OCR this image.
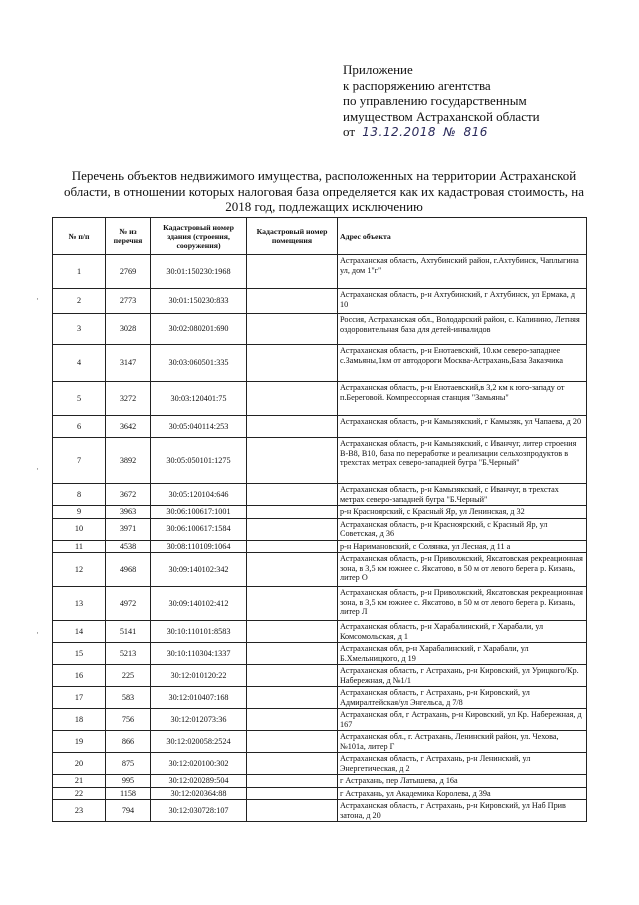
Приложение
к распоряжению агентства
по управлению государственным
имуществом Астраханской области
от 13.12.2018 № 816
Перечень объектов недвижимого имущества, расположенных на территории Астраханской
области, в отношении которых налоговая база определяется как их кадастровая стоимость, на
2018 год, подлежащих исключению
№ п/п	№ из перечня	Кадастровый номер здания (строения, сооружения)	Кадастровый номер помещения	Адрес объекта
1	2769	30:01:150230:1968		Астраханская область, Ахтубинский район, г.Ахтубинск, Чаплыгина ул, дом 1"г"
2	2773	30:01:150230:833		Астраханская область, р-н Ахтубинский, г Ахтубинск, ул Ермака, д 10
3	3028	30:02:080201:690		Россия, Астраханская обл., Володарский район, с. Калинино, Летняя оздоровительная база для детей-инвалидов
4	3147	30:03:060501:335		Астраханская область, р-н Енотаевский, 10.км северо-западнее с.Замьяны,1км от автодороги Москва-Астрахань,База Заказчика
5	3272	30:03:120401:75		Астраханская область, р-н Енотаевский,в 3,2 км к юго-западу от п.Береговой. Компрессорная станция "Замьяны"
6	3642	30:05:040114:253		Астраханская область, р-н Камызякский, г Камызяк, ул Чапаева, д 20
7	3892	30:05:050101:1275		Астраханская область, р-н Камызякский, с Иванчуг, литер строения В-В8, В10, база по переработке и реализации сельхозпродуктов в трехстах метрах северо-западней бугра "Б.Черный"
8	3672	30:05:120104:646		Астраханская область, р-н Камызякский, с Иванчуг, в трехстах метрах северо-западней бугра "Б.Черный"
9	3963	30:06:100617:1001		р-н Красноярский, с Красный Яр, ул Ленинская, д 32
10	3971	30:06:100617:1584		Астраханская область, р-н Красноярский, с Красный Яр, ул Советская, д 36
11	4538	30:08:110109:1064		р-н Наримановский, с Солянка, ул Лесная, д 11 а
12	4968	30:09:140102:342		Астраханская область, р-н Приволжский, Яксатовская рекреационная зона, в 3,5 км южнее с. Яксатово, в 50 м от левого берега р. Кизань, литер О
13	4972	30:09:140102:412		Астраханская область, р-н Приволжский, Яксатовская рекреационная зона, в 3,5 км южнее с. Яксатово, в 50 м от левого берега р. Кизань, литер Л
14	5141	30:10:110101:8583		Астраханская область, р-н Харабалинский, г Харабали, ул Комсомольская, д 1
15	5213	30:10:110304:1337		Астраханская обл, р-н Харабалинский, г Харабали, ул Б.Хмельницкого, д 19
16	225	30:12:010120:22		Астраханская область, г Астрахань, р-н Кировский, ул Урицкого/Кр. Набережная, д №1/1
17	583	30:12:010407:168		Астраханская область, г Астрахань, р-н Кировский, ул Адмиралтейская/ул Энгельса, д 7/8
18	756	30:12:012073:36		Астраханская обл, г Астрахань, р-н Кировский, ул Кр. Набережная, д 167
19	866	30:12:020058:2524		Астраханская обл., г. Астрахань, Ленинский район, ул. Чехова, №101а, литер Г
20	875	30:12:020100:302		Астраханская область, г Астрахань, р-н Ленинский, ул Энергетическая, д 2
21	995	30:12:020289:504		г Астрахань, пер Латышева, д 16а
22	1158	30:12:020364:88		г Астрахань, ул Академика Королева, д 39а
23	794	30:12:030728:107		Астраханская область, г Астрахань, р-н Кировский, ул Наб Прив затона, д 20
·
·
·
